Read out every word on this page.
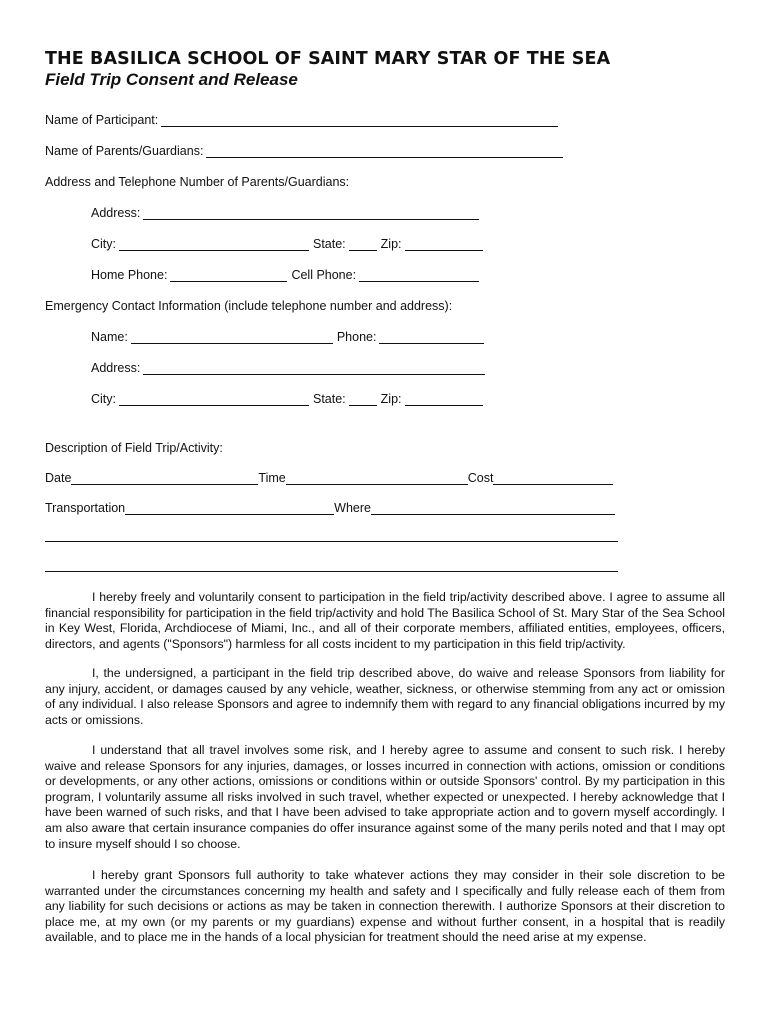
THE BASILICA SCHOOL OF SAINT MARY STAR OF THE SEA
Field Trip Consent and Release
Name of Participant:
Name of Parents/Guardians:
Address and Telephone Number of Parents/Guardians:
Address:
City:	State:	Zip:
Home Phone:	Cell Phone:
Emergency Contact Information (include telephone number and address):
Name:	Phone:
Address:
City:	State:	Zip:
Description of Field Trip/Activity:
Date	Time	Cost
Transportation	Where

I hereby freely and voluntarily consent to participation in the field trip/activity described above. I agree to assume all financial responsibility for participation in the field trip/activity and hold The Basilica School of St. Mary Star of the Sea School in Key West, Florida, Archdiocese of Miami, Inc., and all of their corporate members, affiliated entities, employees, officers, directors, and agents ("Sponsors") harmless for all costs incident to my participation in this field trip/activity.

I, the undersigned, a participant in the field trip described above, do waive and release Sponsors from liability for any injury, accident, or damages caused by any vehicle, weather, sickness, or otherwise stemming from any act or omission of any individual. I also release Sponsors and agree to indemnify them with regard to any financial obligations incurred by my acts or omissions.

I understand that all travel involves some risk, and I hereby agree to assume and consent to such risk. I hereby waive and release Sponsors for any injuries, damages, or losses incurred in connection with actions, omission or conditions or developments, or any other actions, omissions or conditions within or outside Sponsors' control. By my participation in this program, I voluntarily assume all risks involved in such travel, whether expected or unexpected. I hereby acknowledge that I have been warned of such risks, and that I have been advised to take appropriate action and to govern myself accordingly. I am also aware that certain insurance companies do offer insurance against some of the many perils noted and that I may opt to insure myself should I so choose.

I hereby grant Sponsors full authority to take whatever actions they may consider in their sole discretion to be warranted under the circumstances concerning my health and safety and I specifically and fully release each of them from any liability for such decisions or actions as may be taken in connection therewith. I authorize Sponsors at their discretion to place me, at my own (or my parents or my guardians) expense and without further consent, in a hospital that is readily available, and to place me in the hands of a local physician for treatment should the need arise at my expense.
